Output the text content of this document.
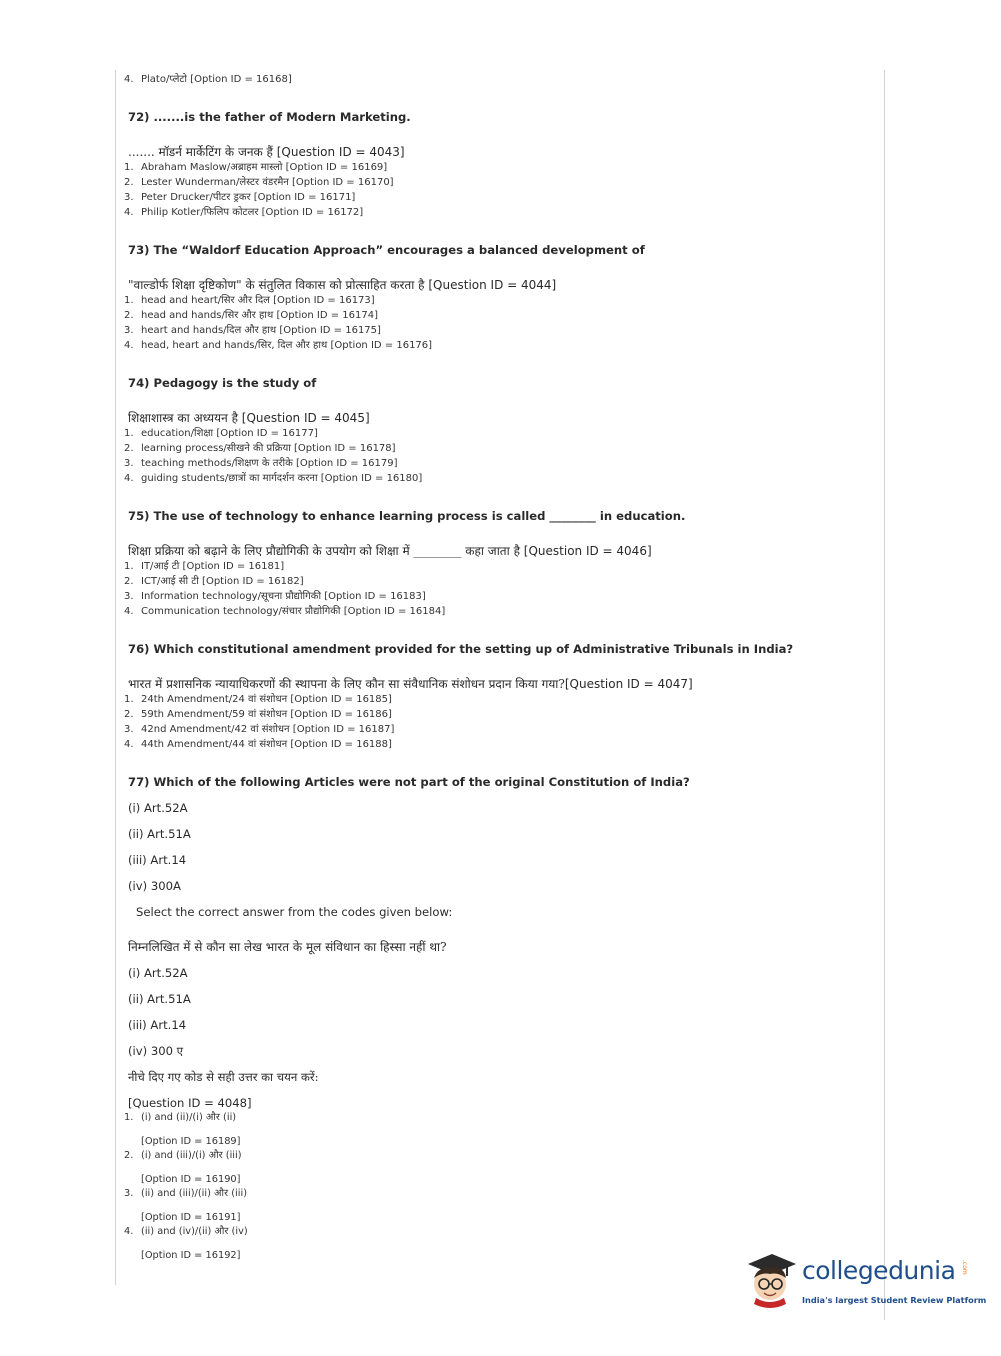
4. Plato/प्लेटो [Option ID = 16168]
72) .......is the father of Modern Marketing.
....... मॉडर्न मार्केटिंग के जनक हैं [Question ID = 4043]
1. Abraham Maslow/अब्राहम मास्लो [Option ID = 16169]
2. Lester Wunderman/लेस्टर वंडरमैन [Option ID = 16170]
3. Peter Drucker/पीटर ड्रकर [Option ID = 16171]
4. Philip Kotler/फिलिप कोटलर [Option ID = 16172]
73) The “Waldorf Education Approach” encourages a balanced development of
"वाल्डोर्फ शिक्षा दृष्टिकोण" के संतुलित विकास को प्रोत्साहित करता है [Question ID = 4044]
1. head and heart/सिर और दिल [Option ID = 16173]
2. head and hands/सिर और हाथ [Option ID = 16174]
3. heart and hands/दिल और हाथ [Option ID = 16175]
4. head, heart and hands/सिर, दिल और हाथ [Option ID = 16176]
74) Pedagogy is the study of
शिक्षाशास्त्र का अध्ययन है [Question ID = 4045]
1. education/शिक्षा [Option ID = 16177]
2. learning process/सीखने की प्रक्रिया [Option ID = 16178]
3. teaching methods/शिक्षण के तरीके [Option ID = 16179]
4. guiding students/छात्रों का मार्गदर्शन करना [Option ID = 16180]
75) The use of technology to enhance learning process is called ________ in education.
शिक्षा प्रक्रिया को बढ़ाने के लिए प्रौद्योगिकी के उपयोग को शिक्षा में ________ कहा जाता है [Question ID = 4046]
1. IT/आई टी [Option ID = 16181]
2. ICT/आई सी टी [Option ID = 16182]
3. Information technology/सूचना प्रौद्योगिकी [Option ID = 16183]
4. Communication technology/संचार प्रौद्योगिकी [Option ID = 16184]
76) Which constitutional amendment provided for the setting up of Administrative Tribunals in India?
भारत में प्रशासनिक न्यायाधिकरणों की स्थापना के लिए कौन सा संवैधानिक संशोधन प्रदान किया गया?[Question ID = 4047]
1. 24th Amendment/24 वां संशोधन [Option ID = 16185]
2. 59th Amendment/59 वां संशोधन [Option ID = 16186]
3. 42nd Amendment/42 वां संशोधन [Option ID = 16187]
4. 44th Amendment/44 वां संशोधन [Option ID = 16188]
77) Which of the following Articles were not part of the original Constitution of India?
(i) Art.52A
(ii) Art.51A
(iii) Art.14
(iv) 300A
Select the correct answer from the codes given below:
निम्नलिखित में से कौन सा लेख भारत के मूल संविधान का हिस्सा नहीं था?
(i) Art.52A
(ii) Art.51A
(iii) Art.14
(iv) 300 ए
नीचे दिए गए कोड से सही उत्तर का चयन करें:
[Question ID = 4048]
1. (i) and (ii)/(i) और (ii)
[Option ID = 16189]
2. (i) and (iii)/(i) और (iii)
[Option ID = 16190]
3. (ii) and (iii)/(ii) और (iii)
[Option ID = 16191]
4. (ii) and (iv)/(ii) और (iv)
[Option ID = 16192]
collegedunia .com
India's largest Student Review Platform
